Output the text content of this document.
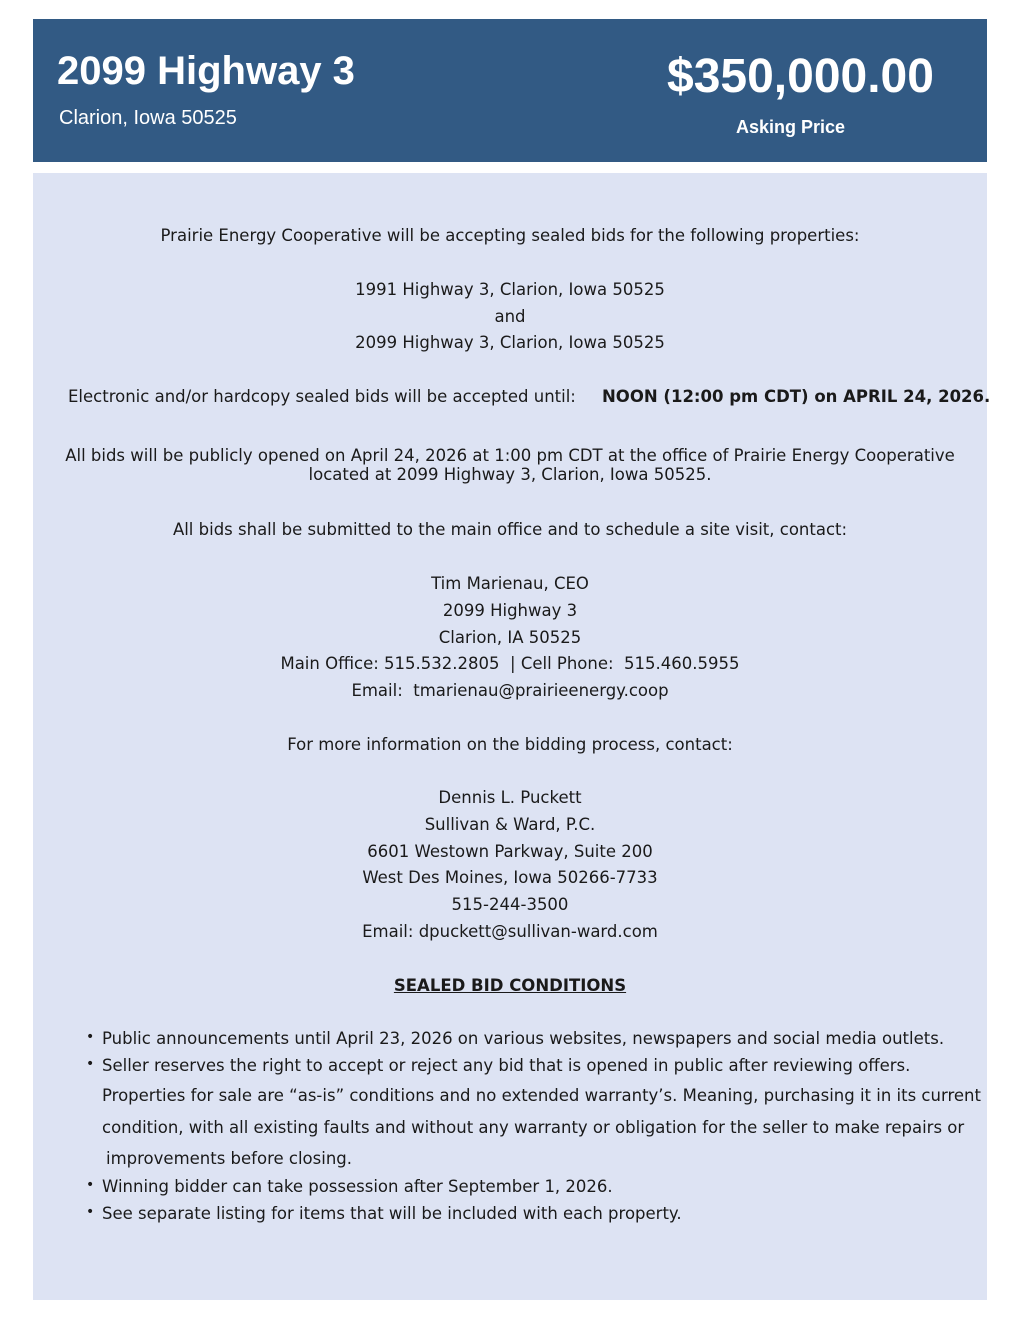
2099 Highway 3
Clarion, Iowa 50525
$350,000.00
Asking Price
Prairie Energy Cooperative will be accepting sealed bids for the following properties:
1991 Highway 3, Clarion, Iowa 50525
and
2099 Highway 3, Clarion, Iowa 50525
Electronic and/or hardcopy sealed bids will be accepted until: NOON (12:00 pm CDT) on APRIL 24, 2026.
All bids will be publicly opened on April 24, 2026 at 1:00 pm CDT at the office of Prairie Energy Cooperative
located at 2099 Highway 3, Clarion, Iowa 50525.
All bids shall be submitted to the main office and to schedule a site visit, contact:
Tim Marienau, CEO
2099 Highway 3
Clarion, IA 50525
Main Office: 515.532.2805  | Cell Phone:  515.460.5955
Email:  tmarienau@prairieenergy.coop
For more information on the bidding process, contact:
Dennis L. Puckett
Sullivan & Ward, P.C.
6601 Westown Parkway, Suite 200
West Des Moines, Iowa 50266-7733
515-244-3500
Email: dpuckett@sullivan-ward.com
SEALED BID CONDITIONS
• Public announcements until April 23, 2026 on various websites, newspapers and social media outlets.
• Seller reserves the right to accept or reject any bid that is opened in public after reviewing offers.
Properties for sale are “as-is” conditions and no extended warranty’s. Meaning, purchasing it in its current
condition, with all existing faults and without any warranty or obligation for the seller to make repairs or
improvements before closing.
• Winning bidder can take possession after September 1, 2026.
• See separate listing for items that will be included with each property.
